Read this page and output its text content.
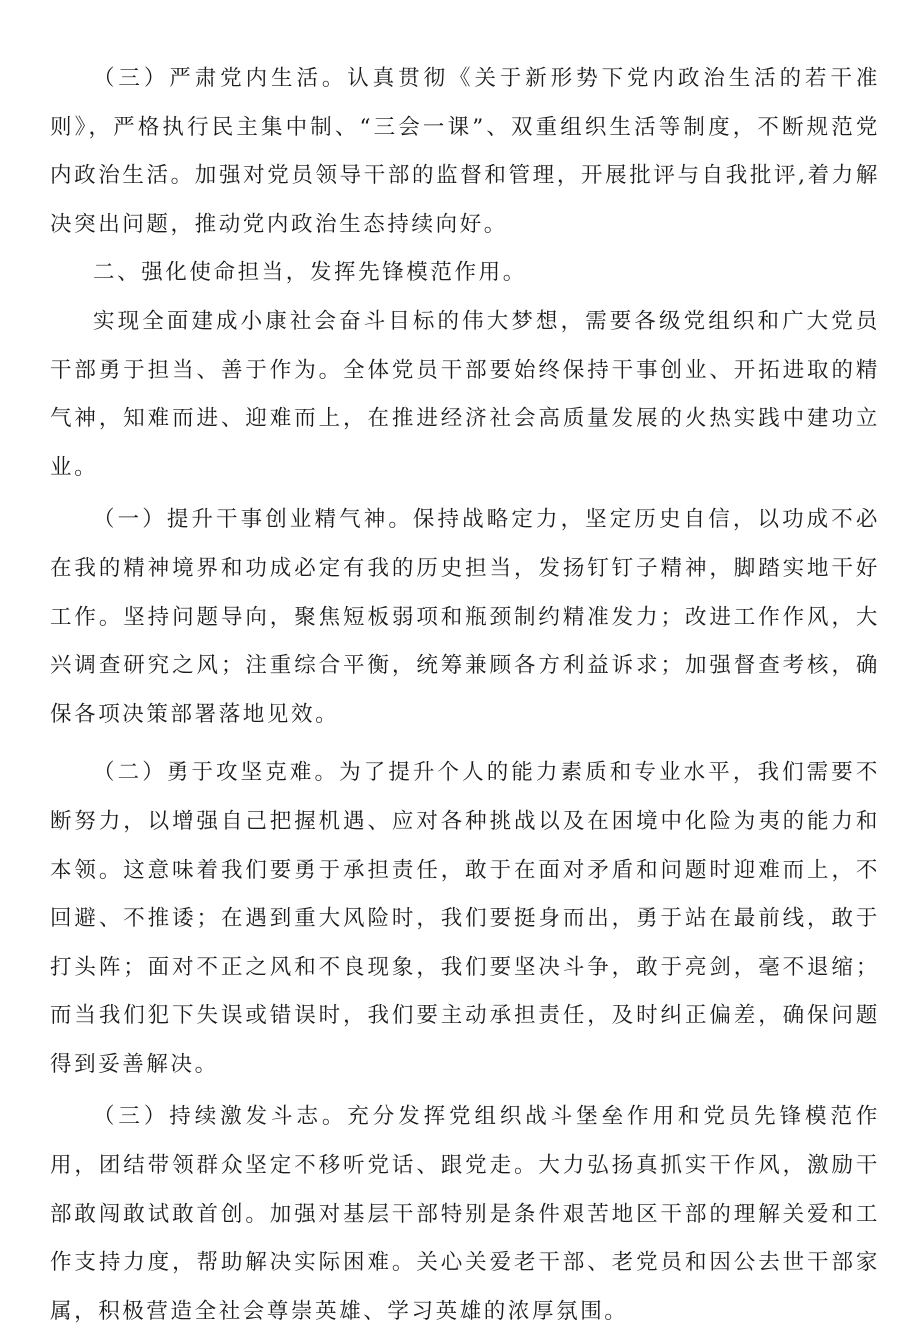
（三）严肃党内生活。认真贯彻《关于新形势下党内政治生活的若干准则》，严格执行民主集中制、“三会一课”、双重组织生活等制度，不断规范党内政治生活。加强对党员领导干部的监督和管理，开展批评与自我批评,着力解决突出问题，推动党内政治生态持续向好。

二、强化使命担当，发挥先锋模范作用。

实现全面建成小康社会奋斗目标的伟大梦想，需要各级党组织和广大党员干部勇于担当、善于作为。全体党员干部要始终保持干事创业、开拓进取的精气神，知难而进、迎难而上，在推进经济社会高质量发展的火热实践中建功立业。

（一）提升干事创业精气神。保持战略定力，坚定历史自信，以功成不必在我的精神境界和功成必定有我的历史担当，发扬钉钉子精神，脚踏实地干好工作。坚持问题导向，聚焦短板弱项和瓶颈制约精准发力；改进工作作风，大兴调查研究之风；注重综合平衡，统筹兼顾各方利益诉求；加强督查考核，确保各项决策部署落地见效。

（二）勇于攻坚克难。为了提升个人的能力素质和专业水平，我们需要不断努力，以增强自己把握机遇、应对各种挑战以及在困境中化险为夷的能力和本领。这意味着我们要勇于承担责任，敢于在面对矛盾和问题时迎难而上，不回避、不推诿；在遇到重大风险时，我们要挺身而出，勇于站在最前线，敢于打头阵；面对不正之风和不良现象，我们要坚决斗争，敢于亮剑，毫不退缩；而当我们犯下失误或错误时，我们要主动承担责任，及时纠正偏差，确保问题得到妥善解决。

（三）持续激发斗志。充分发挥党组织战斗堡垒作用和党员先锋模范作用，团结带领群众坚定不移听党话、跟党走。大力弘扬真抓实干作风，激励干部敢闯敢试敢首创。加强对基层干部特别是条件艰苦地区干部的理解关爱和工作支持力度，帮助解决实际困难。关心关爱老干部、老党员和因公去世干部家属，积极营造全社会尊崇英雄、学习英雄的浓厚氛围。
